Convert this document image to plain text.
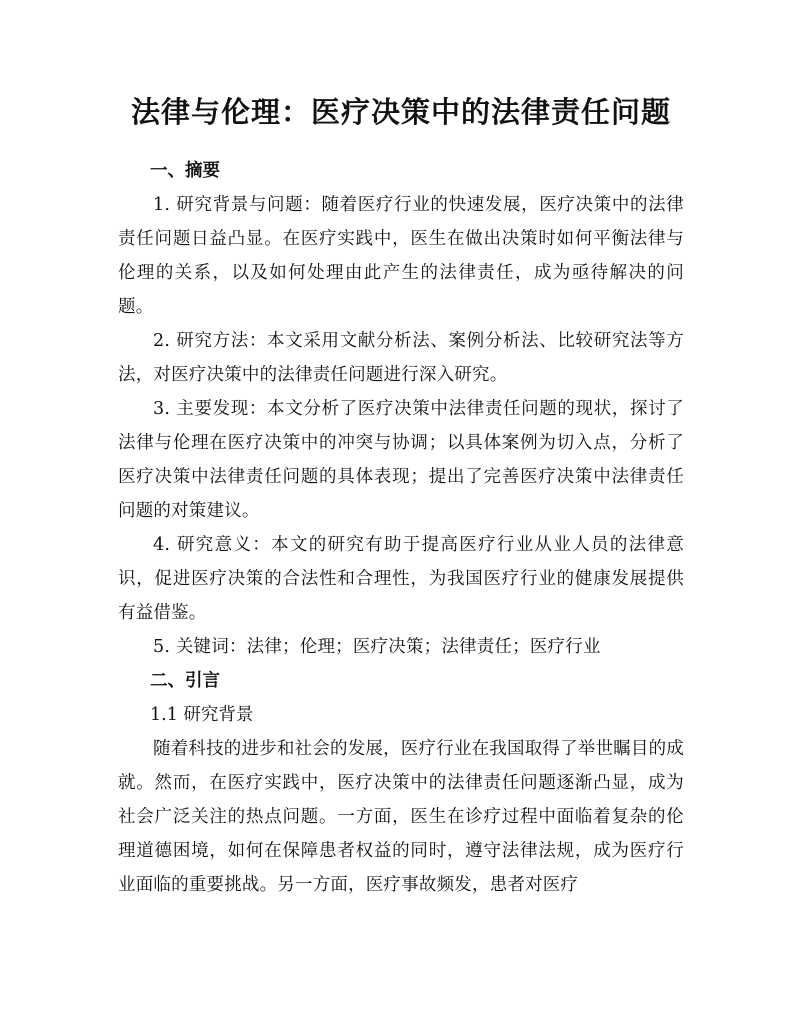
法律与伦理：医疗决策中的法律责任问题
一、摘要

1. 研究背景与问题：随着医疗行业的快速发展，医疗决策中的法律责任问题日益凸显。在医疗实践中，医生在做出决策时如何平衡法律与伦理的关系，以及如何处理由此产生的法律责任，成为亟待解决的问题。

2. 研究方法：本文采用文献分析法、案例分析法、比较研究法等方法，对医疗决策中的法律责任问题进行深入研究。

3. 主要发现：本文分析了医疗决策中法律责任问题的现状，探讨了法律与伦理在医疗决策中的冲突与协调；以具体案例为切入点，分析了医疗决策中法律责任问题的具体表现；提出了完善医疗决策中法律责任问题的对策建议。

4. 研究意义：本文的研究有助于提高医疗行业从业人员的法律意识，促进医疗决策的合法性和合理性，为我国医疗行业的健康发展提供有益借鉴。

5. 关键词：法律；伦理；医疗决策；法律责任；医疗行业

二、引言
1.1 研究背景

随着科技的进步和社会的发展，医疗行业在我国取得了举世瞩目的成就。然而，在医疗实践中，医疗决策中的法律责任问题逐渐凸显，成为社会广泛关注的热点问题。一方面，医生在诊疗过程中面临着复杂的伦理道德困境，如何在保障患者权益的同时，遵守法律法规，成为医疗行业面临的重要挑战。另一方面，医疗事故频发，患者对医疗
